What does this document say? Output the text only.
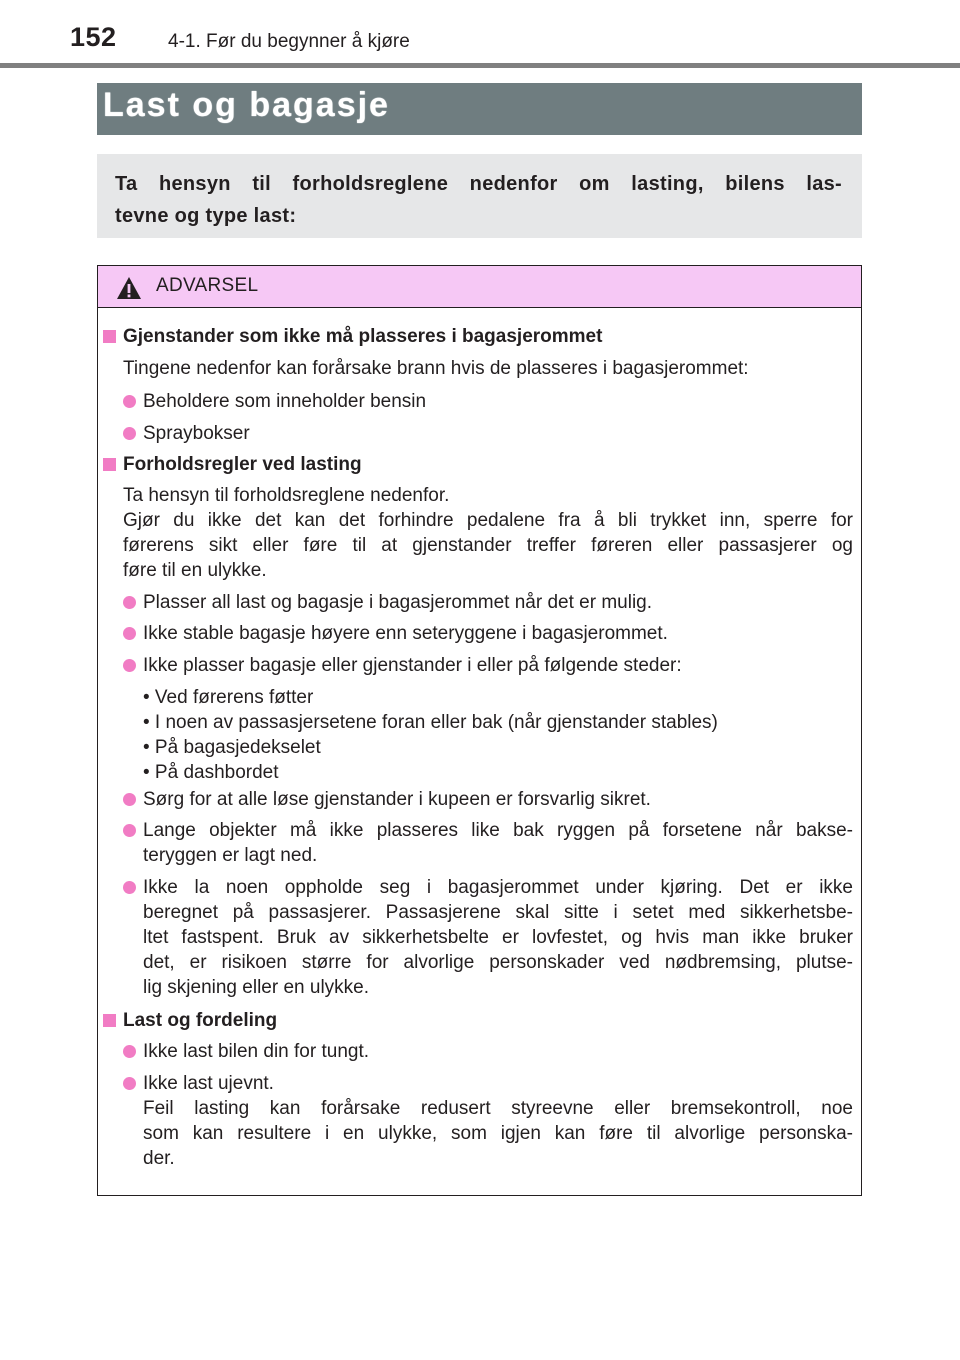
152	4-1. Før du begynner å kjøre
Last og bagasje
Ta hensyn til forholdsreglene nedenfor om lasting, bilens las-
tevne og type last:
ADVARSEL
Gjenstander som ikke må plasseres i bagasjerommet
Tingene nedenfor kan forårsake brann hvis de plasseres i bagasjerommet:
Beholdere som inneholder bensin
Spraybokser
Forholdsregler ved lasting
Ta hensyn til forholdsreglene nedenfor.
Gjør du ikke det kan det forhindre pedalene fra å bli trykket inn, sperre for
førerens sikt eller føre til at gjenstander treffer føreren eller passasjerer og
føre til en ulykke.
Plasser all last og bagasje i bagasjerommet når det er mulig.
Ikke stable bagasje høyere enn seteryggene i bagasjerommet.
Ikke plasser bagasje eller gjenstander i eller på følgende steder:
• Ved førerens føtter
• I noen av passasjersetene foran eller bak (når gjenstander stables)
• På bagasjedekselet
• På dashbordet
Sørg for at alle løse gjenstander i kupeen er forsvarlig sikret.
Lange objekter må ikke plasseres like bak ryggen på forsetene når bakse-
teryggen er lagt ned.
Ikke la noen oppholde seg i bagasjerommet under kjøring. Det er ikke
beregnet på passasjerer. Passasjerene skal sitte i setet med sikkerhetsbe-
ltet fastspent. Bruk av sikkerhetsbelte er lovfestet, og hvis man ikke bruker
det, er risikoen større for alvorlige personskader ved nødbremsing, plutse-
lig skjening eller en ulykke.
Last og fordeling
Ikke last bilen din for tungt.
Ikke last ujevnt.
Feil lasting kan forårsake redusert styreevne eller bremsekontroll, noe
som kan resultere i en ulykke, som igjen kan føre til alvorlige personska-
der.
